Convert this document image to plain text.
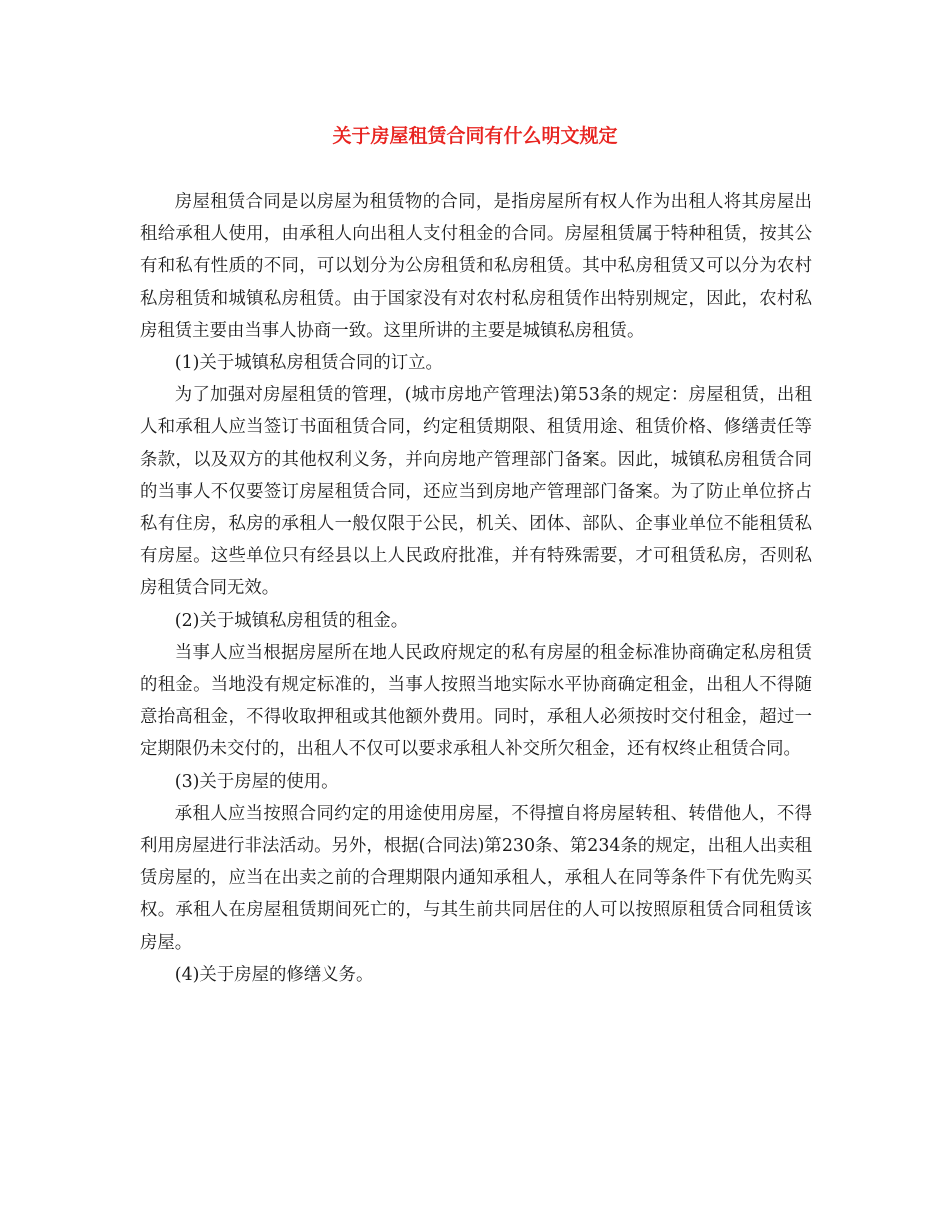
关于房屋租赁合同有什么明文规定

房屋租赁合同是以房屋为租赁物的合同，是指房屋所有权人作为出租人将其房屋出租给承租人使用，由承租人向出租人支付租金的合同。房屋租赁属于特种租赁，按其公有和私有性质的不同，可以划分为公房租赁和私房租赁。其中私房租赁又可以分为农村私房租赁和城镇私房租赁。由于国家没有对农村私房租赁作出特别规定，因此，农村私房租赁主要由当事人协商一致。这里所讲的主要是城镇私房租赁。

(1)关于城镇私房租赁合同的订立。

为了加强对房屋租赁的管理，(城市房地产管理法)第53条的规定：房屋租赁，出租人和承租人应当签订书面租赁合同，约定租赁期限、租赁用途、租赁价格、修缮责任等条款，以及双方的其他权利义务，并向房地产管理部门备案。因此，城镇私房租赁合同的当事人不仅要签订房屋租赁合同，还应当到房地产管理部门备案。为了防止单位挤占私有住房，私房的承租人一般仅限于公民，机关、团体、部队、企事业单位不能租赁私有房屋。这些单位只有经县以上人民政府批准，并有特殊需要，才可租赁私房，否则私房租赁合同无效。

(2)关于城镇私房租赁的租金。

当事人应当根据房屋所在地人民政府规定的私有房屋的租金标准协商确定私房租赁的租金。当地没有规定标准的，当事人按照当地实际水平协商确定租金，出租人不得随意抬高租金，不得收取押租或其他额外费用。同时，承租人必须按时交付租金，超过一定期限仍未交付的，出租人不仅可以要求承租人补交所欠租金，还有权终止租赁合同。

(3)关于房屋的使用。

承租人应当按照合同约定的用途使用房屋，不得擅自将房屋转租、转借他人，不得利用房屋进行非法活动。另外，根据(合同法)第230条、第234条的规定，出租人出卖租赁房屋的，应当在出卖之前的合理期限内通知承租人，承租人在同等条件下有优先购买权。承租人在房屋租赁期间死亡的，与其生前共同居住的人可以按照原租赁合同租赁该房屋。

(4)关于房屋的修缮义务。
